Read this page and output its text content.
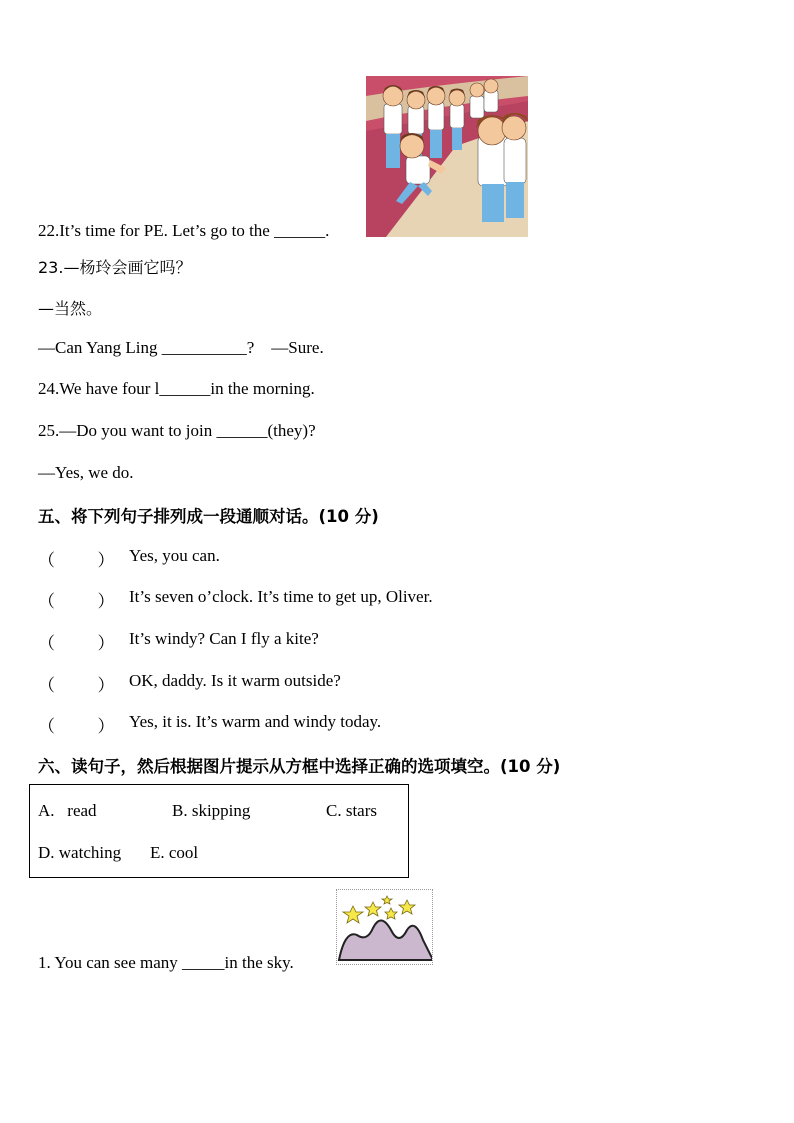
22.It’s time for PE. Let’s go to the ______.
23.—杨玲会画它吗？
—当然。
—Can Yang Ling __________?    —Sure.
24.We have four l______in the morning.
25.—Do you want to join ______(they)?
—Yes, we do.
五、将下列句子排列成一段通顺对话。(10 分)
（          ） Yes, you can.
（          ） It’s seven o’clock. It’s time to get up, Oliver.
（          ） It’s windy? Can I fly a kite?
（          ） OK, daddy. Is it warm outside?
（          ） Yes, it is. It’s warm and windy today.
六、读句子，然后根据图片提示从方框中选择正确的选项填空。(10 分)
A.   read	B. skipping	C. stars
D. watching E. cool
1. You can see many _____in the sky.
